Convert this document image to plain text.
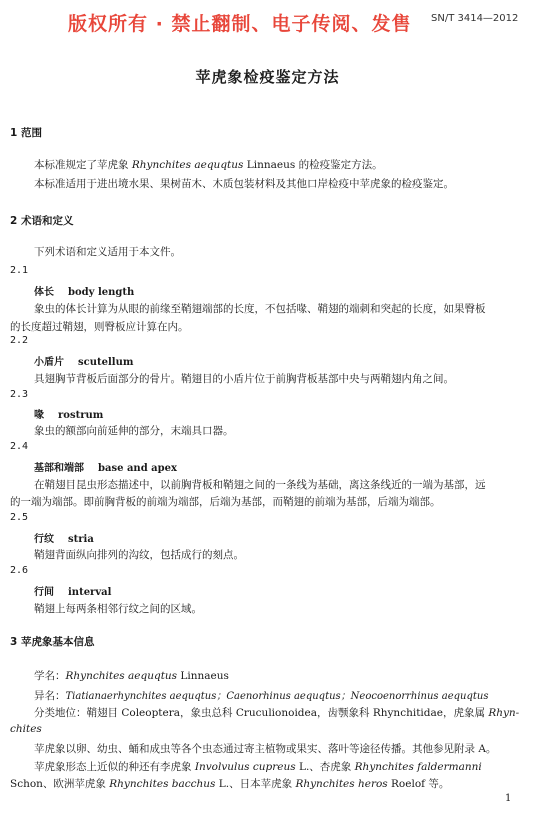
版权所有 · 禁止翻制、电子传阅、发售 SN/T 3414—2012
苹虎象检疫鉴定方法
1 范围
本标准规定了苹虎象 Rhynchites aequqtus Linnaeus 的检疫鉴定方法。
本标准适用于进出境水果、果树苗木、木质包装材料及其他口岸检疫中苹虎象的检疫鉴定。
2 术语和定义
下列术语和定义适用于本文件。
2.1
体长 body length
象虫的体长计算为从眼的前缘至鞘翅端部的长度，不包括喙、鞘翅的端刺和突起的长度，如果臀板
的长度超过鞘翅，则臀板应计算在内。
2.2
小盾片 scutellum
具翅胸节背板后面部分的骨片。鞘翅目的小盾片位于前胸背板基部中央与两鞘翅内角之间。
2.3
喙 rostrum
象虫的额部向前延伸的部分，末端具口器。
2.4
基部和端部 base and apex
在鞘翅目昆虫形态描述中，以前胸背板和鞘翅之间的一条线为基础，离这条线近的一端为基部，远
的一端为端部。即前胸背板的前端为端部，后端为基部，而鞘翅的前端为基部，后端为端部。
2.5
行纹 stria
鞘翅背面纵向排列的沟纹，包括成行的刻点。
2.6
行间 interval
鞘翅上每两条相邻行纹之间的区域。
3 苹虎象基本信息
学名：Rhynchites aequqtus Linnaeus
异名：Tiatianaerhynchites aequqtus；Caenorhinus aequqtus；Neocoenorrhinus aequqtus
分类地位：鞘翅目 Coleoptera，象虫总科 Cruculionoidea，齿颚象科 Rhynchitidae，虎象属 Rhyn-
chites
苹虎象以卵、幼虫、蛹和成虫等各个虫态通过寄主植物或果实、落叶等途径传播。其他参见附录 A。
苹虎象形态上近似的种还有李虎象 Involvulus cupreus L.、杏虎象 Rhynchites faldermanni
Schon、欧洲苹虎象 Rhynchites bacchus L.、日本苹虎象 Rhynchites heros Roelof 等。
1
